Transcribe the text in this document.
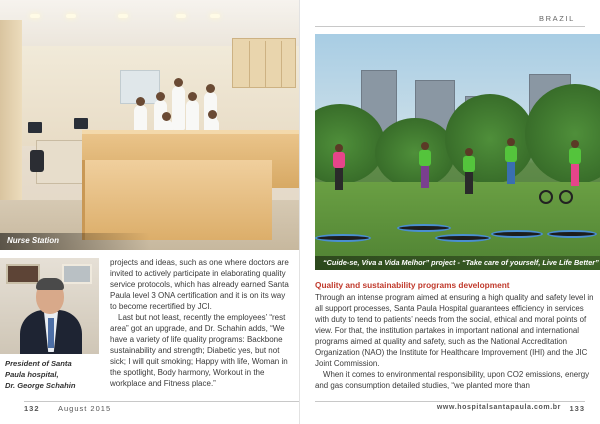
Nurse Station
President of Santa
Paula hospital,
Dr. George Schahin

projects and ideas, such as one where doctors are invited to actively participate in elaborating quality service protocols, which has already earned Santa Paula level 3 ONA certification and it is on its way to become recertified by JCI.

Last but not least, recently the employees’ “rest area” got an upgrade, and Dr. Schahin adds, “We have a variety of life quality programs: Backbone sustainability and strength; Diabetic yes, but not sick; I will quit smoking; Happy with life, Woman in the spotlight, Body harmony, Workout in the workplace and Fitness place.”

132 August 2015
BRAZIL
“Cuide-se, Viva a Vida Melhor” project - “Take care of yourself, Live Life Better”
Quality and sustainability programs development

Through an intense program aimed at ensuring a high quality and safety level in all support processes, Santa Paula Hospital guarantees efficiency in services with duty to tend to patients’ needs from the social, ethical and moral points of view. For that, the institution partakes in important national and international programs aimed at quality and safety, such as the National Accreditation Organization (NAO) the Institute for Healthcare Improvement (IHI) and the JIC Joint Commission.

When it comes to environmental responsibility, upon CO2 emissions, energy and gas consumption detailed studies, “we planted more than

www.hospitalsantapaula.com.br 133
